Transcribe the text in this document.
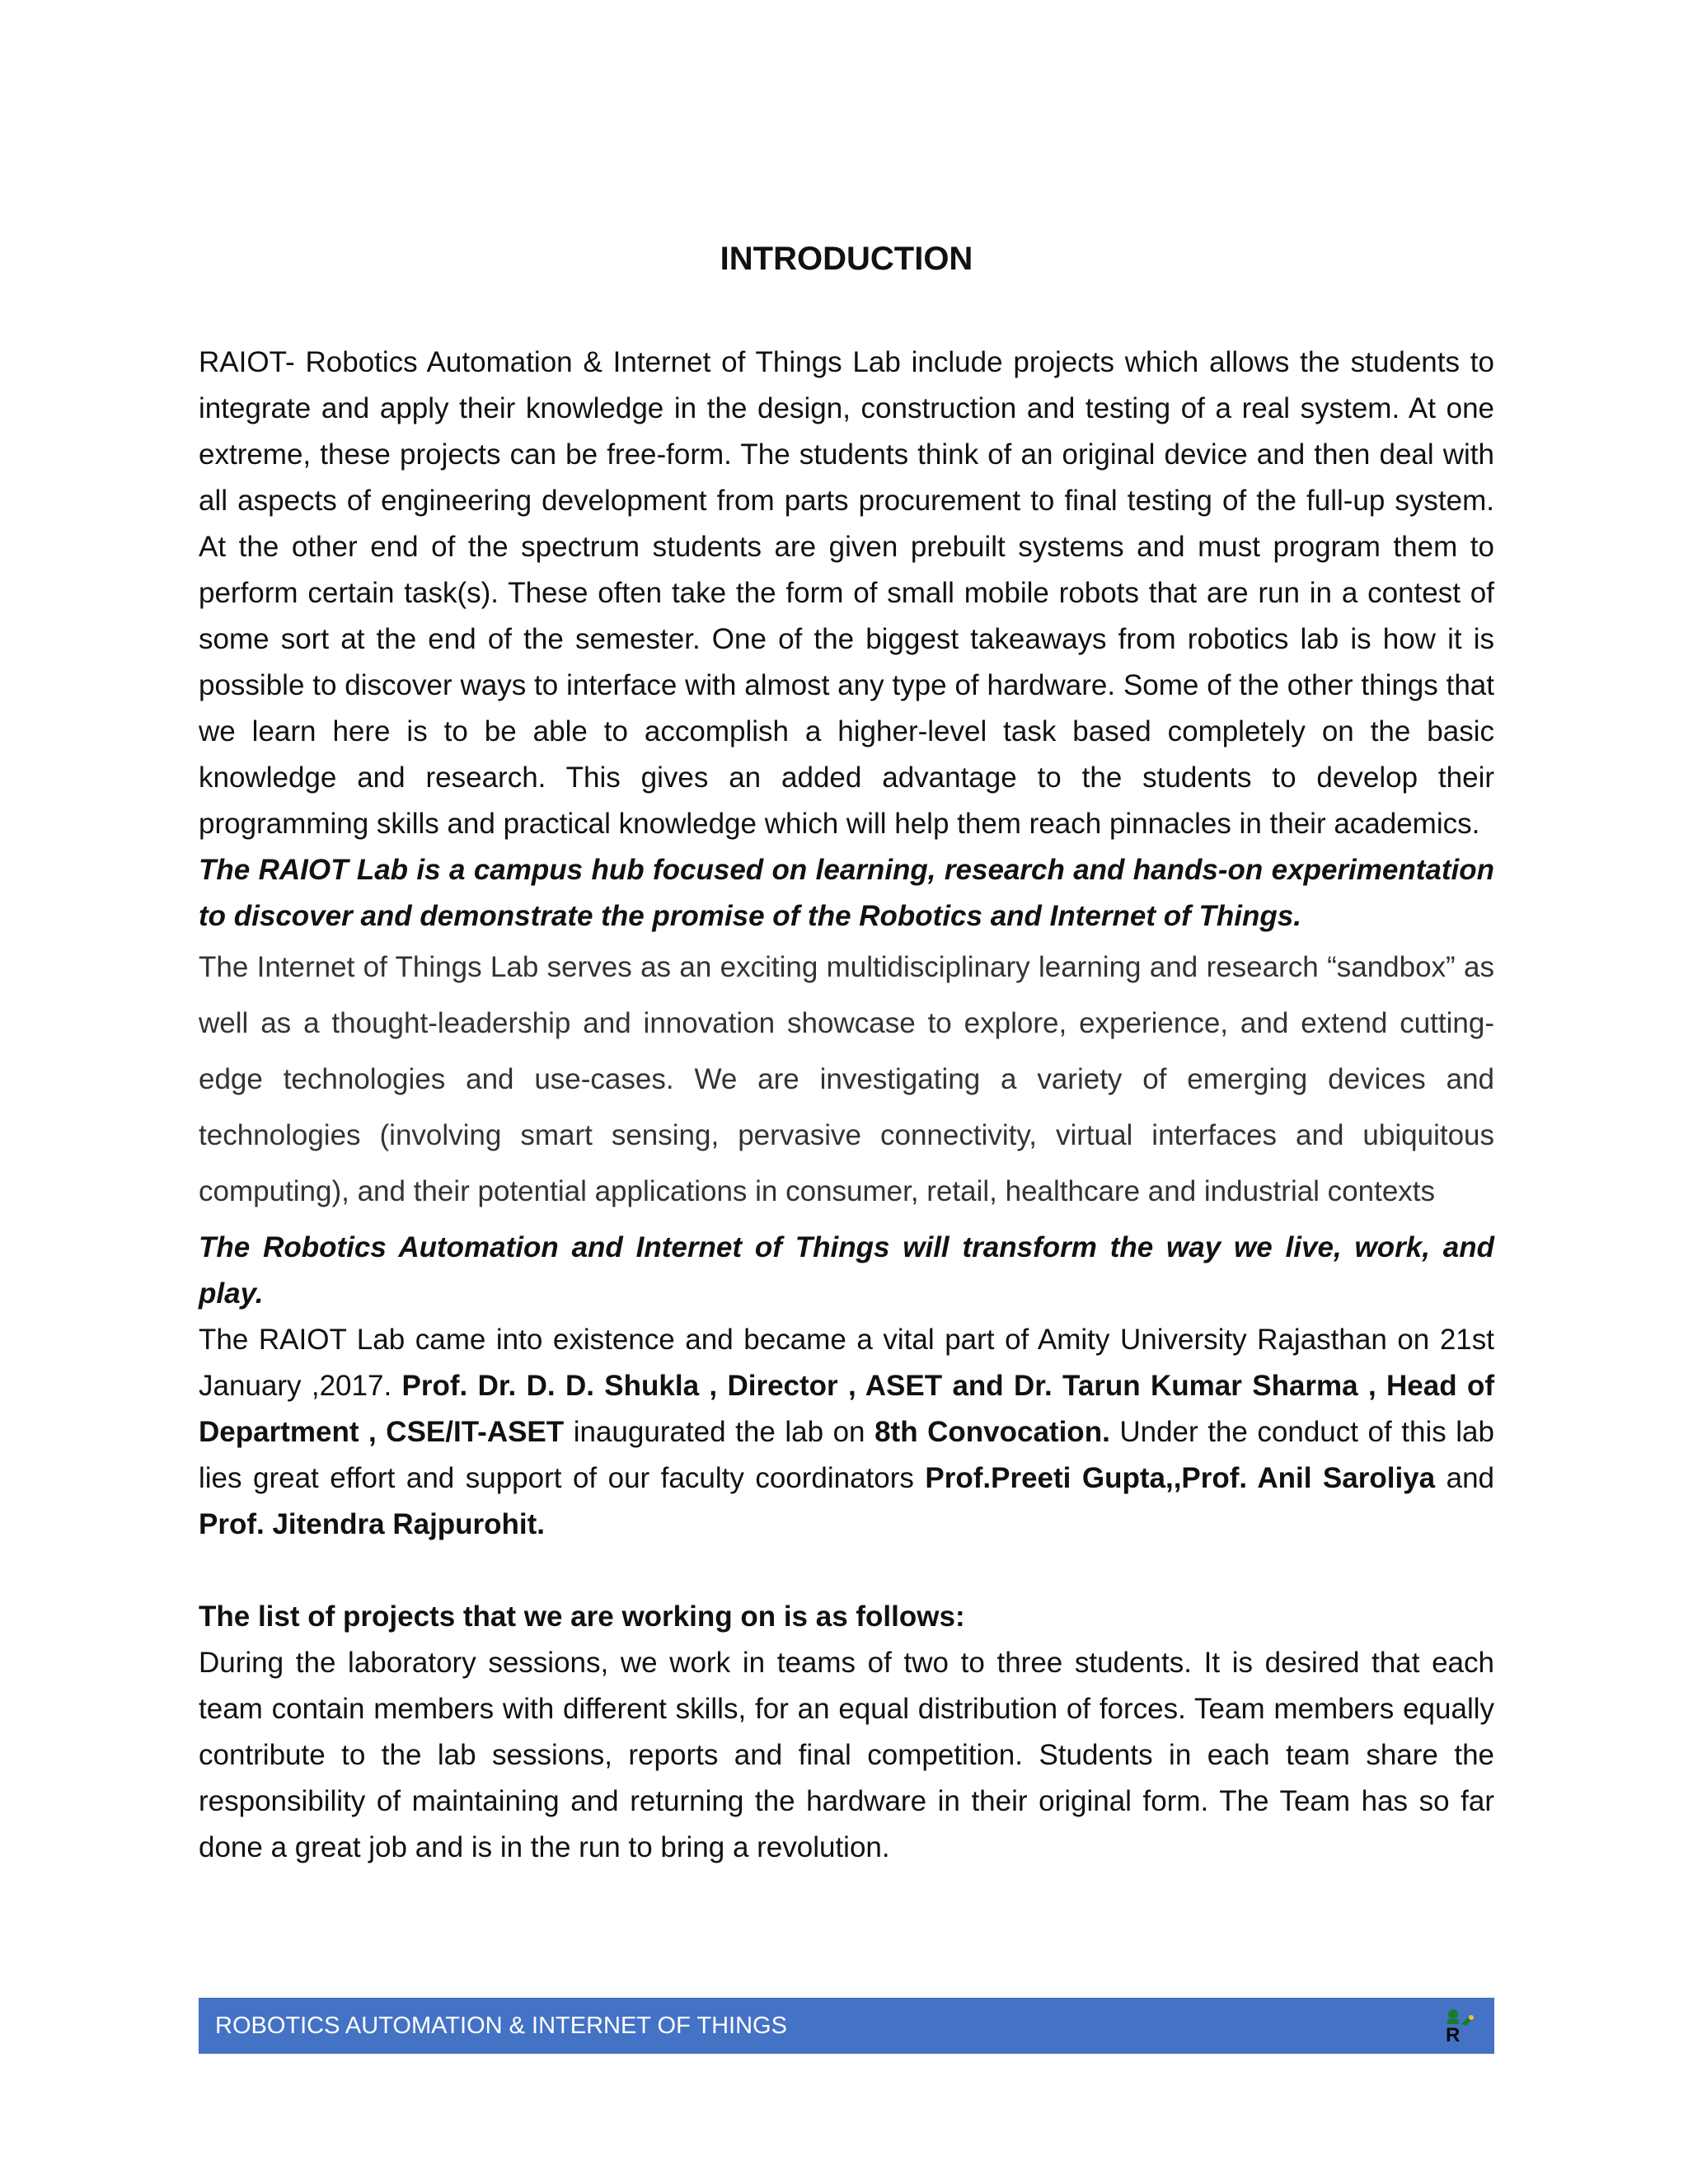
INTRODUCTION

RAIOT- Robotics Automation & Internet of Things Lab include projects which allows the students to integrate and apply their knowledge in the design, construction and testing of a real system. At one extreme, these projects can be free-form. The students think of an original device and then deal with all aspects of engineering development from parts procurement to final testing of the full-up system. At the other end of the spectrum students are given prebuilt systems and must program them to perform certain task(s). These often take the form of small mobile robots that are run in a contest of some sort at the end of the semester. One of the biggest takeaways from robotics lab is how it is possible to discover ways to interface with almost any type of hardware. Some of the other things that we learn here is to be able to accomplish a higher-level task based completely on the basic knowledge and research. This gives an added advantage to the students to develop their programming skills and practical knowledge which will help them reach pinnacles in their academics.

The RAIOT Lab is a campus hub focused on learning, research and hands-on experimentation to discover and demonstrate the promise of the Robotics and Internet of Things.

The Internet of Things Lab serves as an exciting multidisciplinary learning and research “sandbox” as well as a thought-leadership and innovation showcase to explore, experience, and extend cutting-edge technologies and use-cases. We are investigating a variety of emerging devices and technologies (involving smart sensing, pervasive connectivity, virtual interfaces and ubiquitous computing), and their potential applications in consumer, retail, healthcare and industrial contexts

The Robotics Automation and Internet of Things will transform the way we live, work, and play.

The RAIOT Lab came into existence and became a vital part of Amity University Rajasthan on 21st January ,2017. Prof. Dr. D. D. Shukla , Director , ASET and Dr. Tarun Kumar Sharma , Head of Department , CSE/IT-ASET inaugurated the lab on 8th Convocation. Under the conduct of this lab lies great effort and support of our faculty coordinators Prof.Preeti Gupta,,Prof. Anil Saroliya and Prof. Jitendra Rajpurohit.

The list of projects that we are working on is as follows:

During the laboratory sessions, we work in teams of two to three students. It is desired that each team contain members with different skills, for an equal distribution of forces. Team members equally contribute to the lab sessions, reports and final competition. Students in each team share the responsibility of maintaining and returning the hardware in their original form. The Team has so far done a great job and is in the run to bring a revolution.

ROBOTICS AUTOMATION & INTERNET OF THINGS	R
